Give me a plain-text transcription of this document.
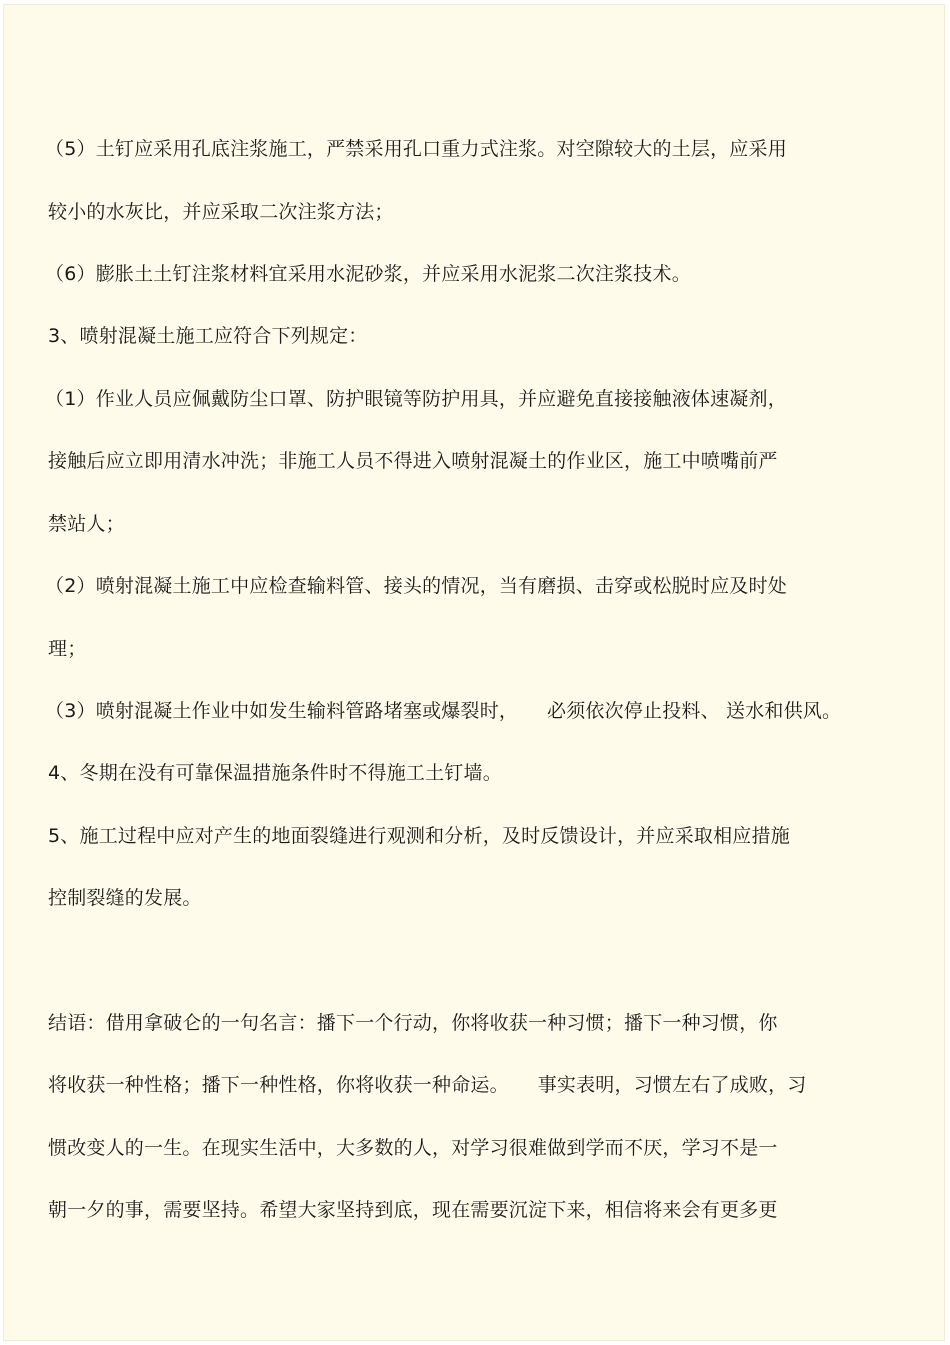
（5）土钉应采用孔底注浆施工，严禁采用孔口重力式注浆。对空隙较大的土层，应采用

较小的水灰比，并应采取二次注浆方法；

（6）膨胀土土钉注浆材料宜采用水泥砂浆，并应采用水泥浆二次注浆技术。

3、喷射混凝土施工应符合下列规定：

（1）作业人员应佩戴防尘口罩、防护眼镜等防护用具，并应避免直接接触液体速凝剂，

接触后应立即用清水冲洗；非施工人员不得进入喷射混凝土的作业区，施工中喷嘴前严

禁站人；

（2）喷射混凝土施工中应检查输料管、接头的情况，当有磨损、击穿或松脱时应及时处

理；

（3）喷射混凝土作业中如发生输料管路堵塞或爆裂时，　　必须依次停止投料、 送水和供风。

4、冬期在没有可靠保温措施条件时不得施工土钉墙。

5、施工过程中应对产生的地面裂缝进行观测和分析，及时反馈设计，并应采取相应措施

控制裂缝的发展。

结语：借用拿破仑的一句名言：播下一个行动，你将收获一种习惯；播下一种习惯，你

将收获一种性格；播下一种性格，你将收获一种命运。　　事实表明，习惯左右了成败，习

惯改变人的一生。在现实生活中，大多数的人，对学习很难做到学而不厌，学习不是一

朝一夕的事，需要坚持。希望大家坚持到底，现在需要沉淀下来，相信将来会有更多更
